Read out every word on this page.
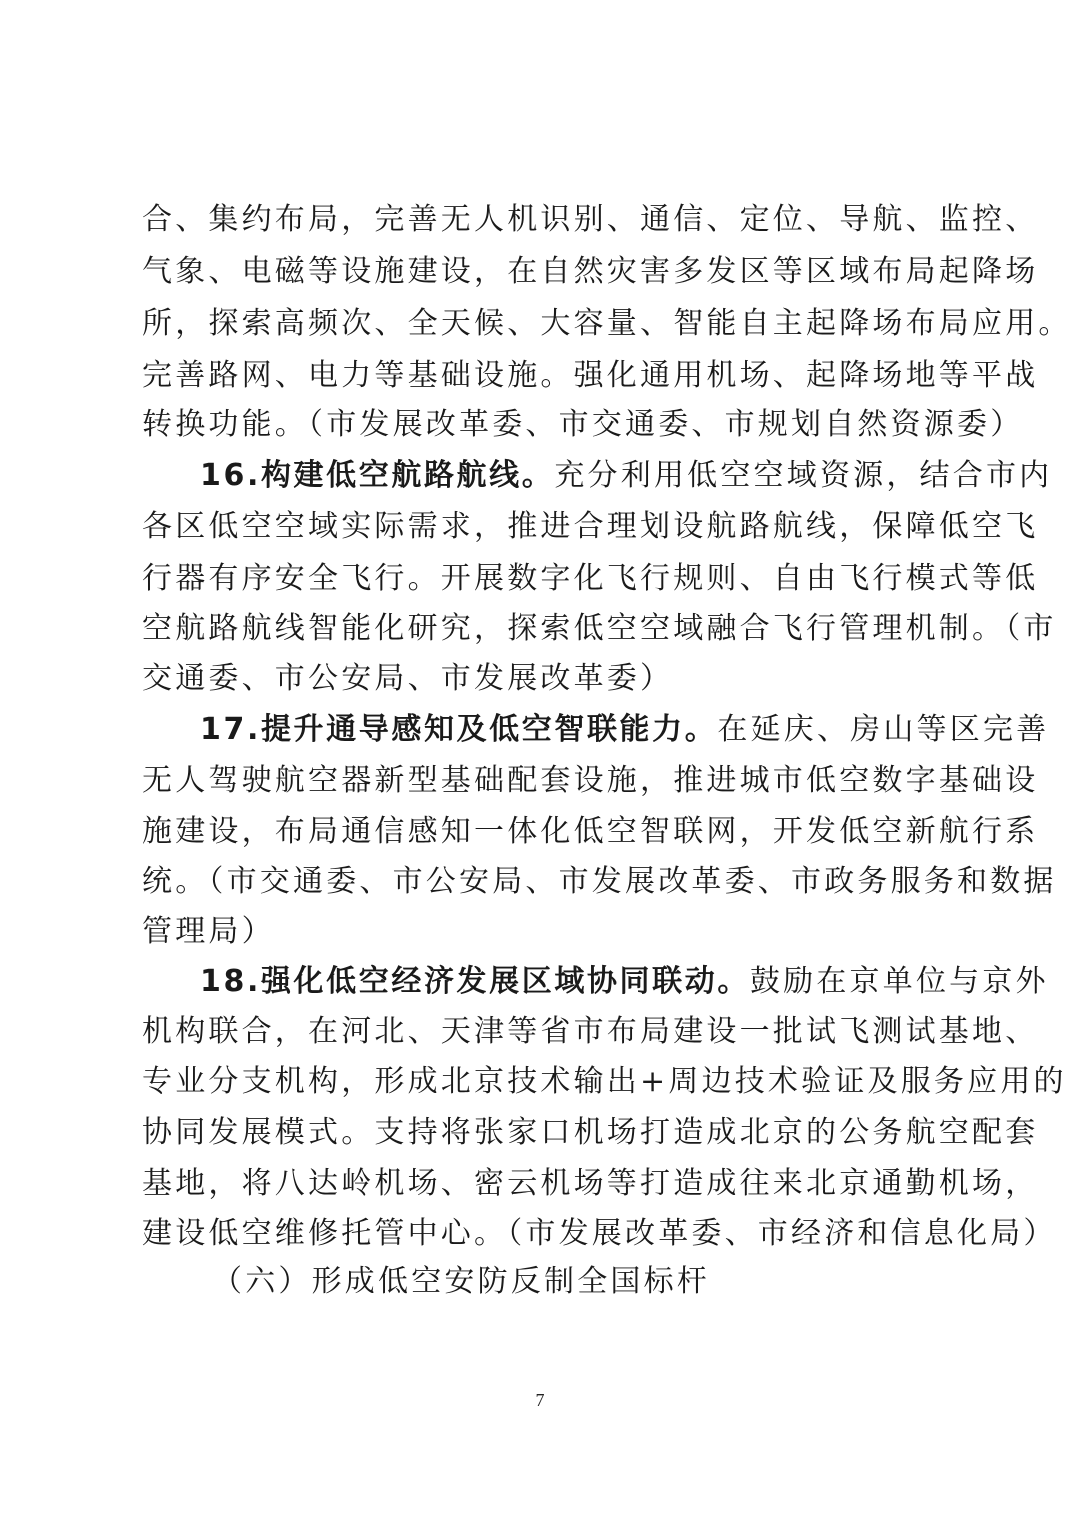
合、集约布局，完善无人机识别、通信、定位、导航、监控、
气象、电磁等设施建设，在自然灾害多发区等区域布局起降场
所，探索高频次、全天候、大容量、智能自主起降场布局应用。
完善路网、电力等基础设施。强化通用机场、起降场地等平战
转换功能。（市发展改革委、市交通委、市规划自然资源委）
16.构建低空航路航线。充分利用低空空域资源，结合市内
各区低空空域实际需求，推进合理划设航路航线，保障低空飞
行器有序安全飞行。开展数字化飞行规则、自由飞行模式等低
空航路航线智能化研究，探索低空空域融合飞行管理机制。（市
交通委、市公安局、市发展改革委）
17.提升通导感知及低空智联能力。在延庆、房山等区完善
无人驾驶航空器新型基础配套设施，推进城市低空数字基础设
施建设，布局通信感知一体化低空智联网，开发低空新航行系
统。（市交通委、市公安局、市发展改革委、市政务服务和数据
管理局）
18.强化低空经济发展区域协同联动。鼓励在京单位与京外
机构联合，在河北、天津等省市布局建设一批试飞测试基地、
专业分支机构，形成北京技术输出+周边技术验证及服务应用的
协同发展模式。支持将张家口机场打造成北京的公务航空配套
基地，将八达岭机场、密云机场等打造成往来北京通勤机场，
建设低空维修托管中心。（市发展改革委、市经济和信息化局）
（六）形成低空安防反制全国标杆
7
